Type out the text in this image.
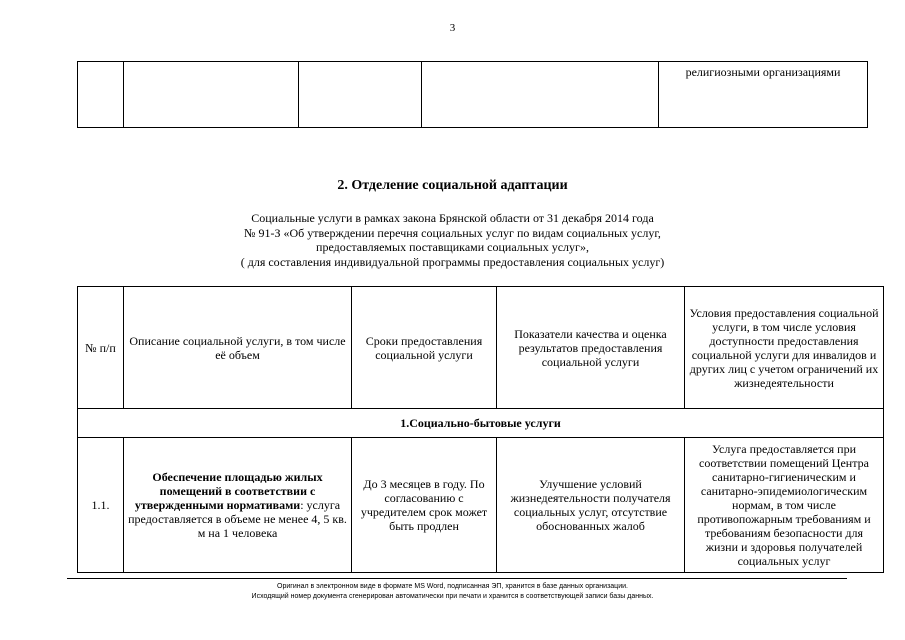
3
				религиозными организациями
2. Отделение социальной адаптации
Социальные услуги в рамках закона Брянской области от 31 декабря 2014 года
№ 91-З «Об утверждении перечня социальных услуг по видам социальных услуг,
предоставляемых поставщиками социальных услуг»,
( для составления индивидуальной программы предоставления социальных услуг)
№ п/п	Описание социальной услуги, в том числе её объем	Сроки предоставления социальной услуги	Показатели качества и оценка результатов предоставления социальной услуги	Условия предоставления социальной услуги, в том числе условия доступности предоставления социальной услуги для инвалидов и других лиц с учетом ограничений их жизнедеятельности
1.Социально-бытовые услуги				
1.1.	Обеспечение площадью жилых помещений в соответствии с утвержденными нормативами: услуга предоставляется в объеме не менее 4, 5 кв. м на 1 человека	До 3 месяцев в году. По согласованию с учредителем срок может быть продлен	Улучшение условий жизнедеятельности получателя социальных услуг, отсутствие обоснованных жалоб	Услуга предоставляется при соответствии помещений Центра санитарно-гигиеническим и санитарно-эпидемиологическим нормам, в том числе противопожарным требованиям и требованиям безопасности для жизни и здоровья получателей социальных услуг
Оригинал в электронном виде в формате MS Word, подписанная ЭП, хранится в базе данных организации.
Исходящий номер документа сгенерирован автоматически при печати и хранится в соответствующей записи базы данных.
